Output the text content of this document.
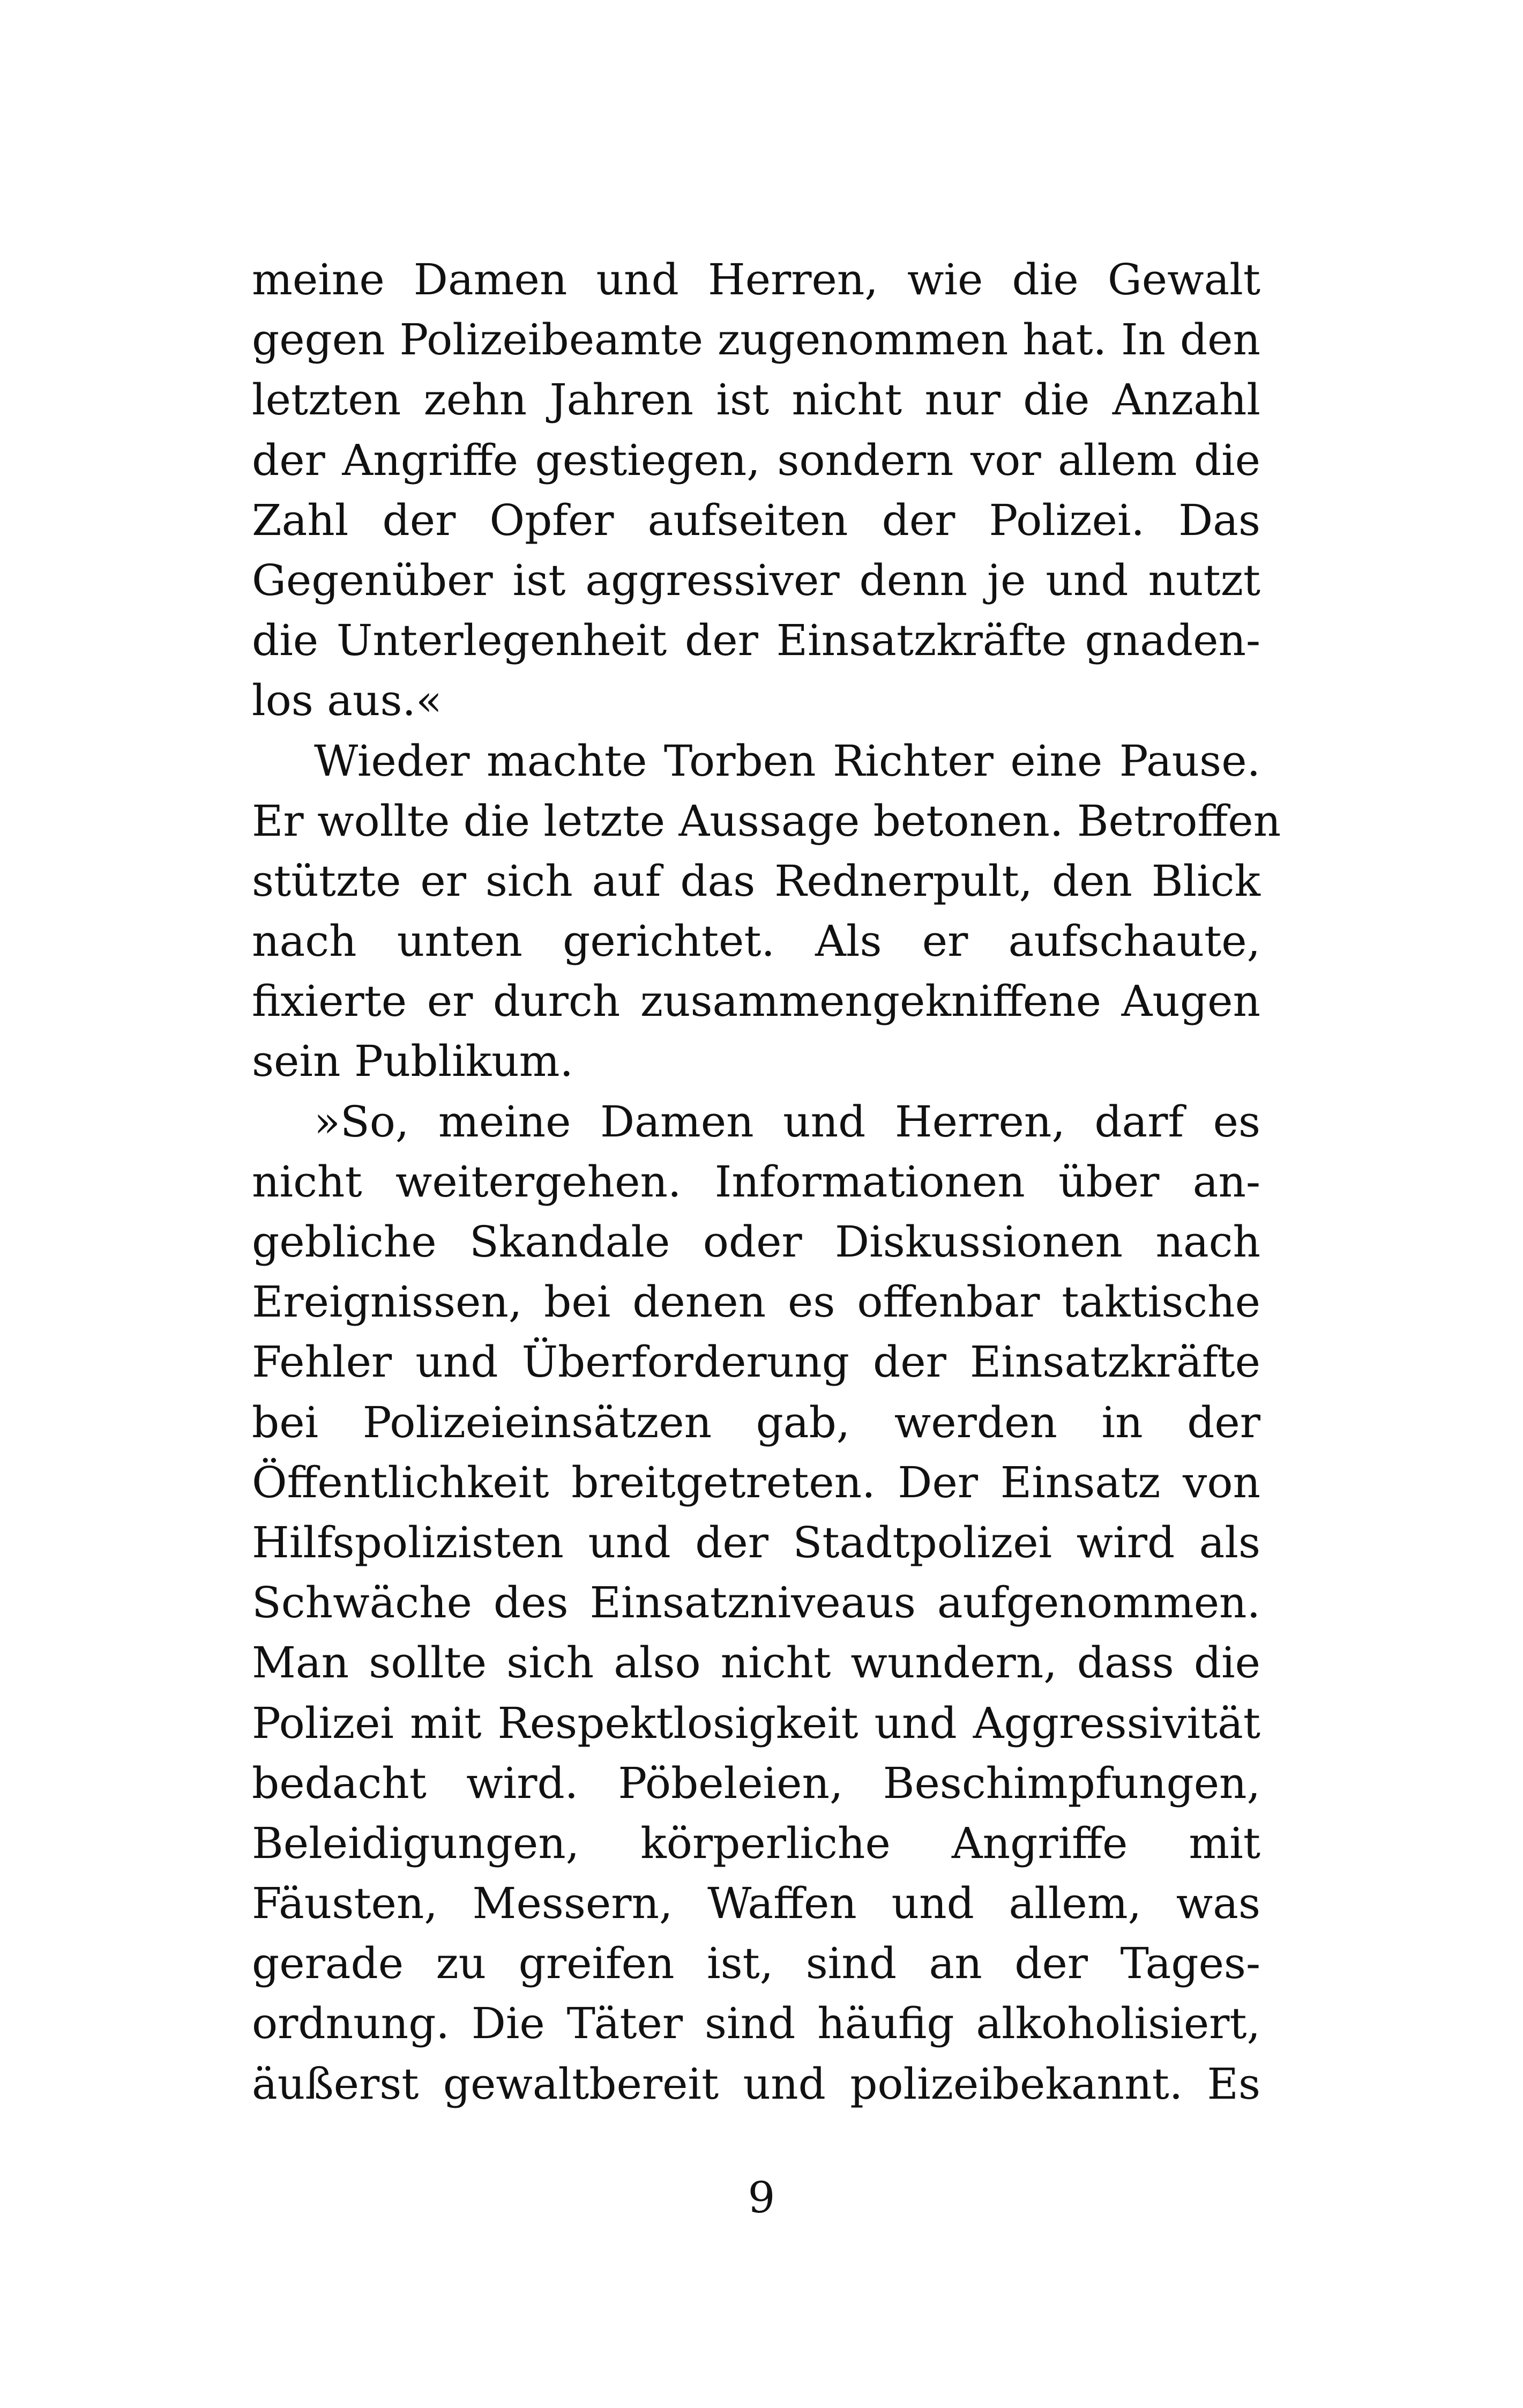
meine Damen und Herren, wie die Gewalt
gegen Polizeibeamte zugenommen hat. In den
letzten zehn Jahren ist nicht nur die Anzahl
der Angriffe gestiegen, sondern vor allem die
Zahl der Opfer aufseiten der Polizei. Das
Gegenüber ist aggressiver denn je und nutzt
die Unterlegenheit der Einsatzkräfte gnaden-
los aus.«
Wieder machte Torben Richter eine Pause.
Er wollte die letzte Aussage betonen. Betroffen
stützte er sich auf das Rednerpult, den Blick
nach unten gerichtet. Als er aufschaute,
fixierte er durch zusammengekniffene Augen
sein Publikum.
»So, meine Damen und Herren, darf es
nicht weitergehen. Informationen über an-
gebliche Skandale oder Diskussionen nach
Ereignissen, bei denen es offenbar taktische
Fehler und Überforderung der Einsatzkräfte
bei Polizeieinsätzen gab, werden in der
Öffentlichkeit breitgetreten. Der Einsatz von
Hilfspolizisten und der Stadtpolizei wird als
Schwäche des Einsatzniveaus aufgenommen.
Man sollte sich also nicht wundern, dass die
Polizei mit Respektlosigkeit und Aggressivität
bedacht wird. Pöbeleien, Beschimpfungen,
Beleidigungen, körperliche Angriffe mit
Fäusten, Messern, Waffen und allem, was
gerade zu greifen ist, sind an der Tages-
ordnung. Die Täter sind häufig alkoholisiert,
äußerst gewaltbereit und polizeibekannt. Es
9
